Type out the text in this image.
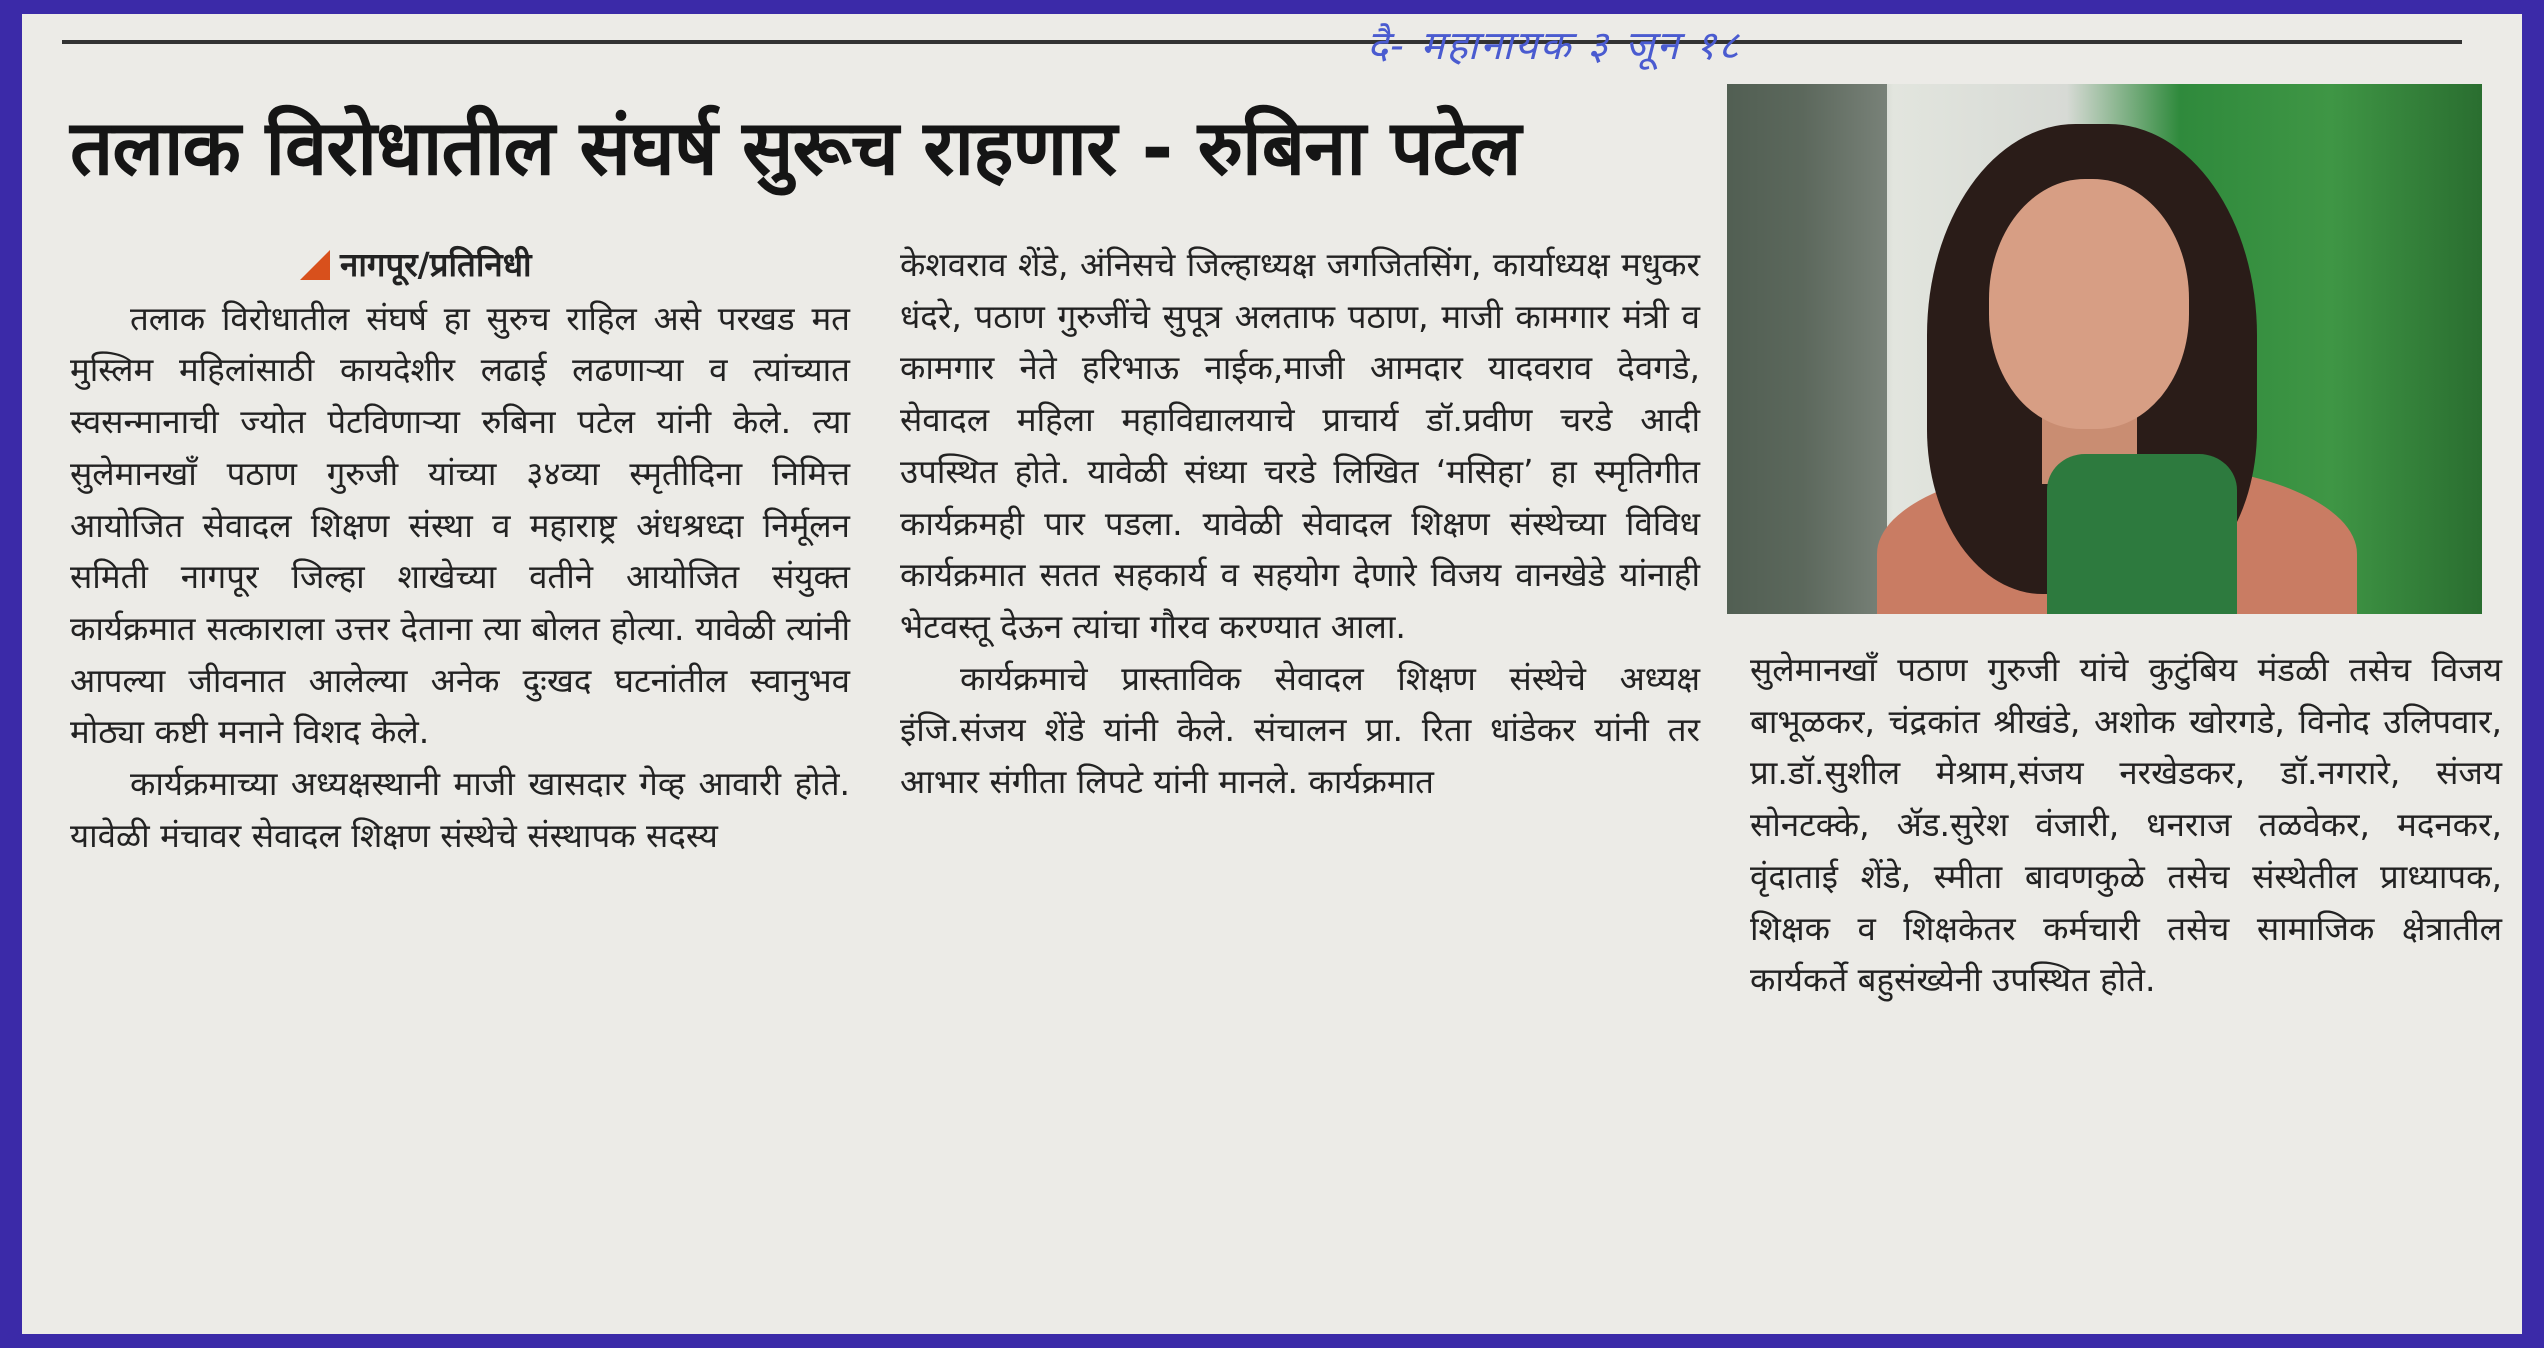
दै- महानायक ३ जून १८
तलाक विरोधातील संघर्ष सुरूच राहणार - रुबिना पटेल
नागपूर/प्रतिनिधी

तलाक विरोधातील संघर्ष हा सुरुच राहिल असे परखड मत मुस्लिम महिलांसाठी कायदेशीर लढाई लढणाऱ्या व त्यांच्यात स्वसन्मानाची ज्योत पेटविणाऱ्या रुबिना पटेल यांनी केले. त्या सुलेमानखाँ पठाण गुरुजी यांच्या ३४व्या स्मृतीदिना निमित्त आयोजित सेवादल शिक्षण संस्था व महाराष्ट्र अंधश्रध्दा निर्मूलन समिती नागपूर जिल्हा शाखेच्या वतीने आयोजित संयुक्त कार्यक्रमात सत्काराला उत्तर देताना त्या बोलत होत्या. यावेळी त्यांनी आपल्या जीवनात आलेल्या अनेक दुःखद घटनांतील स्वानुभव मोठ्या कष्टी मनाने विशद केले.

कार्यक्रमाच्या अध्यक्षस्थानी माजी खासदार गेव्ह आवारी होते. यावेळी मंचावर सेवादल शिक्षण संस्थेचे संस्थापक सदस्य

केशवराव शेंडे, अंनिसचे जिल्हाध्यक्ष जगजितसिंग, कार्याध्यक्ष मधुकर धंदरे, पठाण गुरुजींचे सुपूत्र अलताफ पठाण, माजी कामगार मंत्री व कामगार नेते हरिभाऊ नाईक,माजी आमदार यादवराव देवगडे, सेवादल महिला महाविद्यालयाचे प्राचार्य डॉ.प्रवीण चरडे आदी उपस्थित होते. यावेळी संध्या चरडे लिखित ‘मसिहा’ हा स्मृतिगीत कार्यक्रमही पार पडला. यावेळी सेवादल शिक्षण संस्थेच्या विविध कार्यक्रमात सतत सहकार्य व सहयोग देणारे विजय वानखेडे यांनाही भेटवस्तू देऊन त्यांचा गौरव करण्यात आला.

कार्यक्रमाचे प्रास्ताविक सेवादल शिक्षण संस्थेचे अध्यक्ष इंजि.संजय शेंडे यांनी केले. संचालन प्रा. रिता धांडेकर यांनी तर आभार संगीता लिपटे यांनी मानले. कार्यक्रमात

सुलेमानखाँ पठाण गुरुजी यांचे कुटुंबिय मंडळी तसेच विजय बाभूळकर, चंद्रकांत श्रीखंडे, अशोक खोरगडे, विनोद उलिपवार, प्रा.डॉ.सुशील मेश्राम,संजय नरखेडकर, डॉ.नगरारे, संजय सोनटक्के, ॲड.सुरेश वंजारी, धनराज तळवेकर, मदनकर, वृंदाताई शेंडे, स्मीता बावणकुळे तसेच संस्थेतील प्राध्यापक, शिक्षक व शिक्षकेतर कर्मचारी तसेच सामाजिक क्षेत्रातील कार्यकर्ते बहुसंख्येनी उपस्थित होते.
